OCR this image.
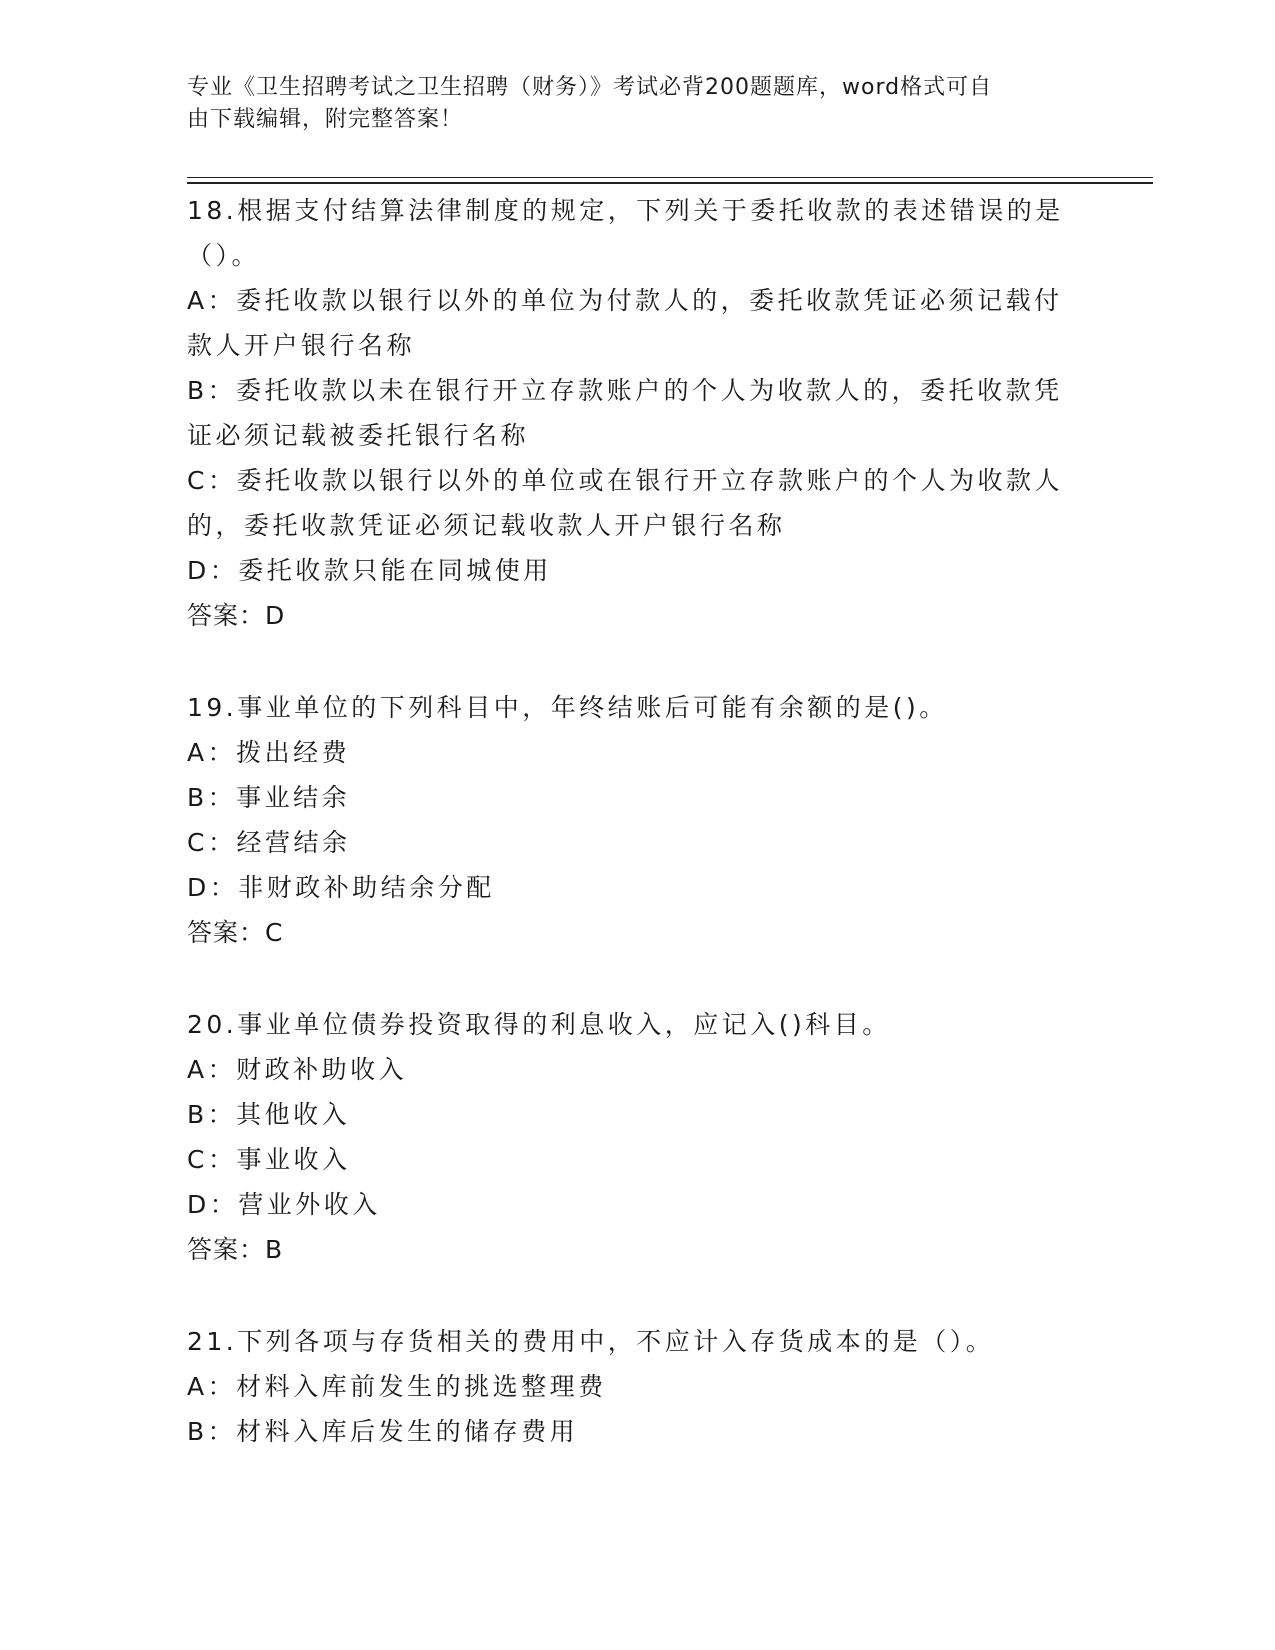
专业《卫生招聘考试之卫生招聘（财务）》考试必背200题题库，word格式可自
由下载编辑，附完整答案！
18.根据支付结算法律制度的规定，下列关于委托收款的表述错误的是
（）。
A：委托收款以银行以外的单位为付款人的，委托收款凭证必须记载付
款人开户银行名称
B：委托收款以未在银行开立存款账户的个人为收款人的，委托收款凭
证必须记载被委托银行名称
C：委托收款以银行以外的单位或在银行开立存款账户的个人为收款人
的，委托收款凭证必须记载收款人开户银行名称
D：委托收款只能在同城使用
答案：D
19.事业单位的下列科目中，年终结账后可能有余额的是()。
A：拨出经费
B：事业结余
C：经营结余
D：非财政补助结余分配
答案：C
20.事业单位债券投资取得的利息收入，应记入()科目。
A：财政补助收入
B：其他收入
C：事业收入
D：营业外收入
答案：B
21.下列各项与存货相关的费用中，不应计入存货成本的是（）。
A：材料入库前发生的挑选整理费
B：材料入库后发生的储存费用
